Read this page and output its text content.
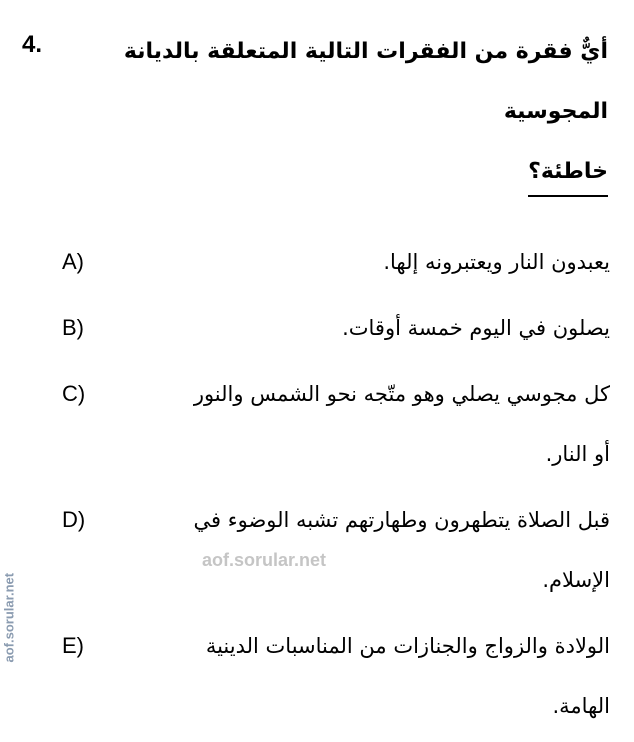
aof.sorular.net
4.	أيٌّ فقرة من الفقرات التالية المتعلقة بالديانة المجوسية
خاطئة؟
A)	يعبدون النار ويعتبرونه إلها.
B)	يصلون في اليوم خمسة أوقات.
C)	كل مجوسي يصلي وهو متّجه نحو الشمس والنور
أو النار.
D)	قبل الصلاة يتطهرون وطهارتهم تشبه الوضوء في
aof.sorular.net
الإسلام.
E)	الولادة والزواج والجنازات من المناسبات الدينية
الهامة.
